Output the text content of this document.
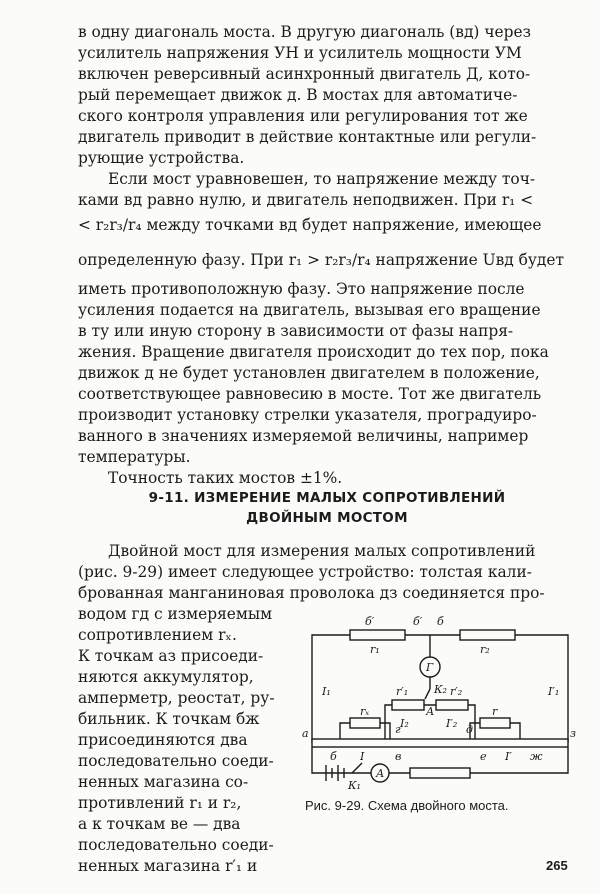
в одну диагональ моста. В другую диагональ (вд) через
усилитель напряжения УН и усилитель мощности УМ
включен реверсивный асинхронный двигатель Д, кото-
рый перемещает движок д. В мостах для автоматиче-
ского контроля управления или регулирования тот же
двигатель приводит в действие контактные или регули-
рующие устройства.
Если мост уравновешен, то напряжение между точ-
ками вд равно нулю, и двигатель неподвижен. При r₁ <
< r₂r₃/r₄ между точками вд будет напряжение, имеющее
определенную фазу. При r₁ > r₂r₃/r₄ напряжение Uвд будет
иметь противоположную фазу. Это напряжение после
усиления подается на двигатель, вызывая его вращение
в ту или иную сторону в зависимости от фазы напря-
жения. Вращение двигателя происходит до тех пор, пока
движок д не будет установлен двигателем в положение,
соответствующее равновесию в мосте. Тот же двигатель
производит установку стрелки указателя, проградуиро-
ванного в значениях измеряемой величины, например
температуры.
Точность таких мостов ±1%.
9-11. ИЗМЕРЕНИЕ МАЛЫХ СОПРОТИВЛЕНИЙ
ДВОЙНЫМ МОСТОМ
Двойной мост для измерения малых сопротивлений
(рис. 9-29) имеет следующее устройство: толстая кали-
брованная манганиновая проволока дз соединяется про-
водом гд с измеряемым
сопротивлением rₓ.
К точкам аз присоеди-
няются аккумулятор,
амперметр, реостат, ру-
бильник. К точкам бж
присоединяются два
последовательно соеди-
ненных магазина со-
противлений r₁ и r₂,
а к точкам ве — два
последовательно соеди-
ненных магазина r′₁ и
б′	б′ б
r₁	r₂
Г
I₁	I′₁
r′₁	r′₂
К₂
А
I₂	I′₂
rₓ	r
а
б	в
г	д
е	ж
з
I	I′
К₁
А
Рис. 9-29. Схема двойного моста.
265
